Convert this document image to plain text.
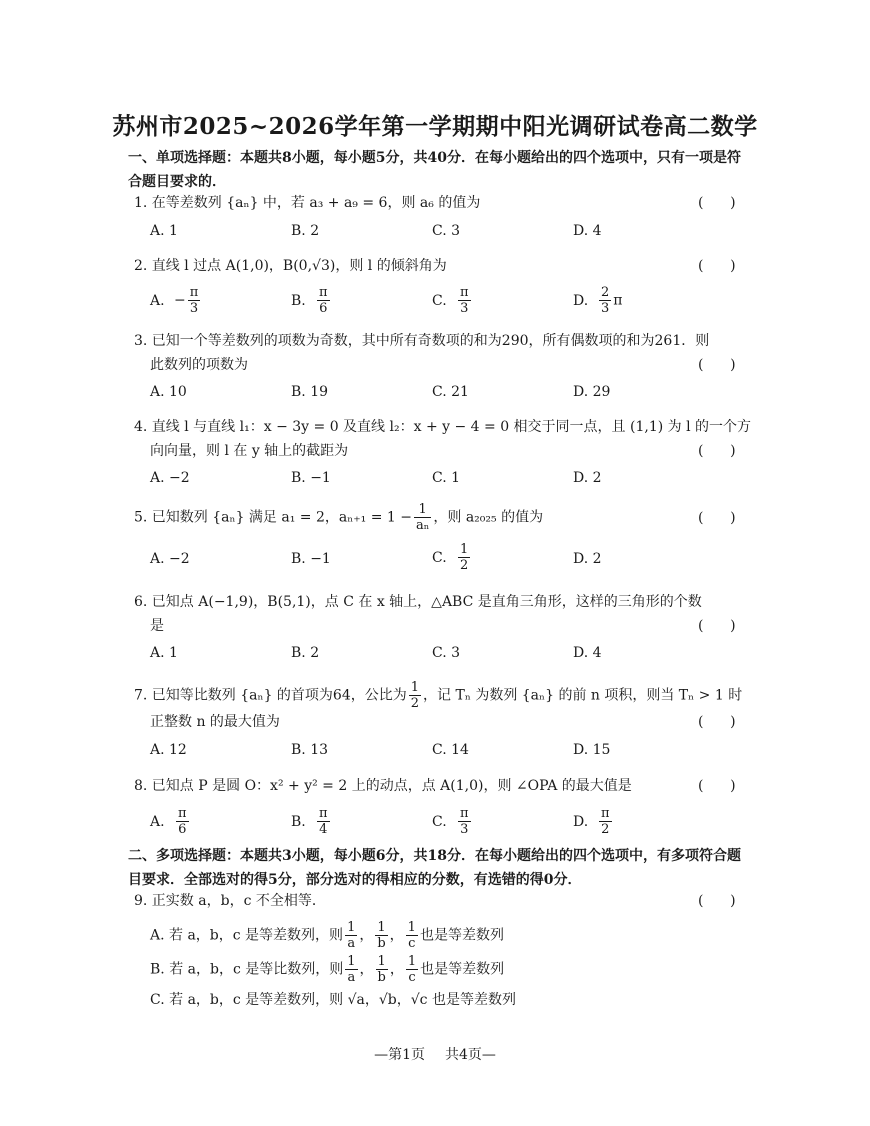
苏州市2025~2026学年第一学期期中阳光调研试卷高二数学
一、单项选择题：本题共8小题，每小题5分，共40分．在每小题给出的四个选项中，只有一项是符合题目要求的．
1. 在等差数列 {aₙ} 中，若 a₃ + a₉ = 6，则 a₆ 的值为	(      )
A. 1	B. 2	C. 3	D. 4
2. 直线 l 过点 A(1,0)，B(0,√3)，则 l 的倾斜角为	(      )
A. − $\frac{\pi}{3}$	B. $\frac{\pi}{6}$	C. $\frac{\pi}{3}$	D. $\frac{2}{3}$ π
3. 已知一个等差数列的项数为奇数，其中所有奇数项的和为290，所有偶数项的和为261．则
此数列的项数为	(      )
A. 10	B. 19	C. 21	D. 29
4. 直线 l 与直线 l₁：x − 3y = 0 及直线 l₂：x + y − 4 = 0 相交于同一点，且 (1,1) 为 l 的一个方
向向量，则 l 在 y 轴上的截距为	(      )
A. −2	B. −1	C. 1	D. 2
5. 已知数列 {aₙ} 满足 a₁ = 2，$a_{n+1} = 1 - \frac{1}{\text{aₙ}}$ ，则 a₂₀₂₅ 的值为	(      )
A. −2	B. −1	C. $\frac{1}{2}$	D. 2
6. 已知点 A(−1,9)，B(5,1)，点 C 在 x 轴上，△ABC 是直角三角形，这样的三角形的个数
是	(      )
A. 1	B. 2	C. 3	D. 4
7. 已知等比数列 {aₙ} 的首项为64，公比为 $\frac{1}{2}$ ，记 Tₙ 为数列 {aₙ} 的前 n 项积，则当 Tₙ > 1 时
正整数 n 的最大值为	(      )
A. 12	B. 13	C. 14	D. 15
8. 已知点 P 是圆 O：x² + y² = 2 上的动点，点 A(1,0)，则 ∠OPA 的最大值是	(      )
A. $\frac{\pi}{6}$	B. $\frac{\pi}{4}$	C. $\frac{\pi}{3}$	D. $\frac{\pi}{2}$
二、多项选择题：本题共3小题，每小题6分，共18分．在每小题给出的四个选项中，有多项符合题目要求．全部选对的得5分，部分选对的得相应的分数，有选错的得0分．
9. 正实数 a，b，c 不全相等．	(      )
A. 若 a，b，c 是等差数列，则 $\frac{1}{a}$ ， $\frac{1}{b}$ ， $\frac{1}{c}$ 也是等差数列
B. 若 a，b，c 是等比数列，则 $\frac{1}{a}$ ， $\frac{1}{b}$ ， $\frac{1}{c}$ 也是等差数列
C. 若 a，b，c 是等差数列，则 √a，√b，√c 也是等差数列
—第1页 共4页—
